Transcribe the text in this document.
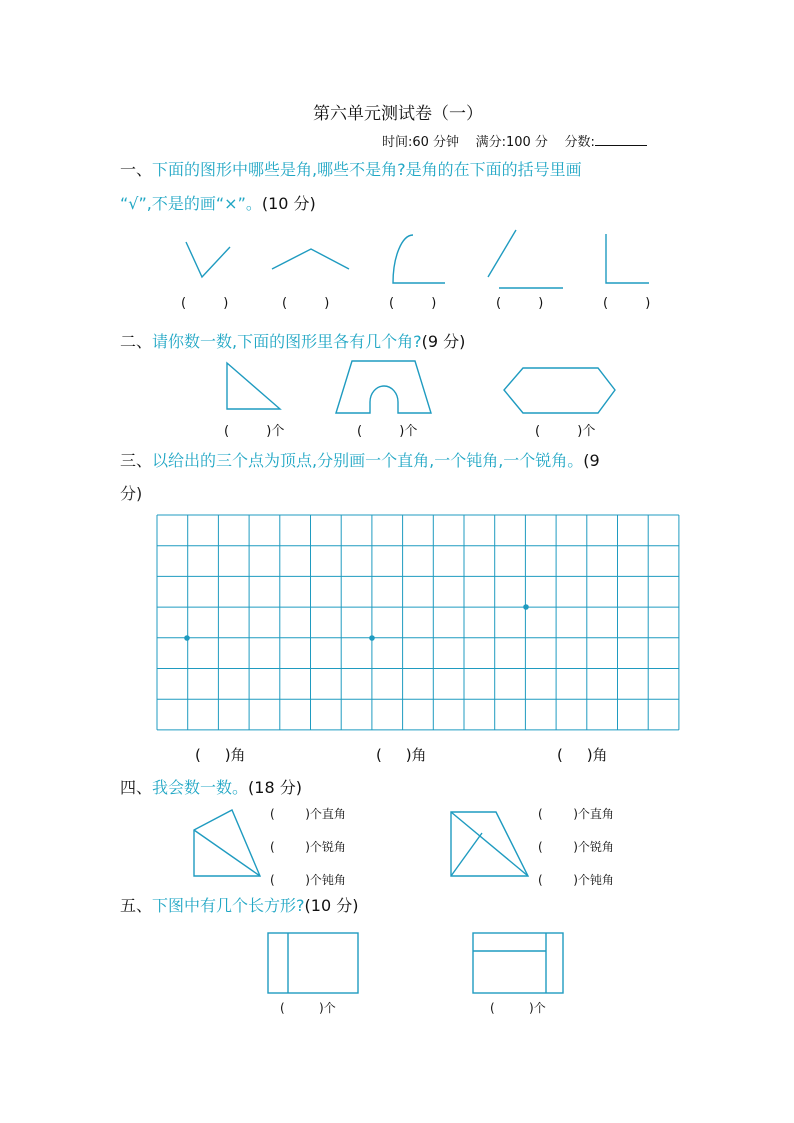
第六单元测试卷（一）
时间:60 分钟 满分:100 分 分数:
一、下面的图形中哪些是角,哪些不是角?是角的在下面的括号里画
“√”,不是的画“×”。(10 分)
(	)	(	)	(	)	(	)	(	)
二、请你数一数,下面的图形里各有几个角?(9 分)
(	)个	(	)个	(	)个
三、以给出的三个点为顶点,分别画一个直角,一个钝角,一个锐角。(9
分)
( )角	( )角	( )角
四、我会数一数。(18 分)
(	)个直角
(	)个锐角
(	)个钝角
(	)个直角
(	)个锐角
(	)个钝角
五、下图中有几个长方形?(10 分)
(	)个	(	)个
